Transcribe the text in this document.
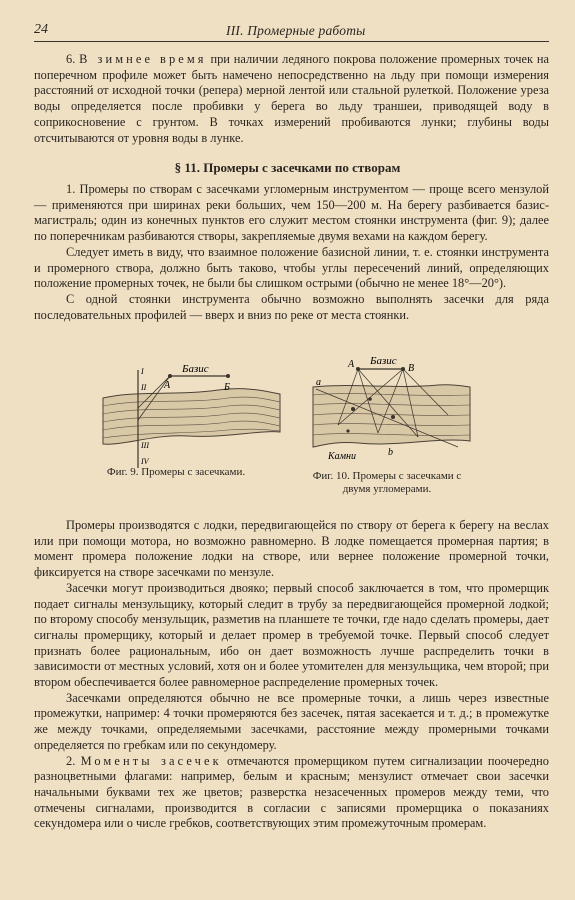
24	III. Промерные работы

6. В зимнее время при наличии ледяного покрова положение промерных точек на поперечном профиле может быть намечено непосредственно на льду при помощи измерения расстояний от исходной точки (репера) мерной лентой или стальной рулеткой. Положение уреза воды определяется после пробивки у берега во льду траншеи, приводящей воду в соприкосновение с грунтом. В точках измерений пробиваются лунки; глубины воды отсчитываются от уровня воды в лунке.

§ 11. Промеры с засечками по створам

1. Промеры по створам с засечками угломерным инструментом — проще всего мензулой — применяются при ширинах реки больших, чем 150—200 м. На берегу разбивается базис-магистраль; один из конечных пунктов его служит местом стоянки инструмента (фиг. 9); далее по поперечникам разбиваются створы, закрепляемые двумя вехами на каждом берегу.

Следует иметь в виду, что взаимное положение базисной линии, т. е. стоянки инструмента и промерного створа, должно быть таково, чтобы углы пересечений линий, определяющих положение промерных точек, не были бы слишком острыми (обычно не менее 18°—20°).

С одной стоянки инструмента обычно возможно выполнять засечки для ряда последовательных профилей — вверх и вниз по реке от места стоянки.

Базис
А	Б
I
II
III
IV
Фиг. 9. Промеры с засечками.
Базис
А	В
а
b
Камни
Фиг. 10. Промеры с засечками с двумя угломерами.

Промеры производятся с лодки, передвигающейся по створу от берега к берегу на веслах или при помощи мотора, но возможно равномерно. В лодке помещается промерная партия; в момент промера положение лодки на створе, или вернее положение промерной точки, фиксируется на створе засечками по мензуле.

Засечки могут производиться двояко; первый способ заключается в том, что промерщик подает сигналы мензульщику, который следит в трубу за передвигающейся промерной лодкой; по второму способу мензульщик, разметив на планшете те точки, где надо сделать промеры, дает сигналы промерщику, который и делает промер в требуемой точке. Первый способ следует признать более рациональным, ибо он дает возможность лучше распределить точки в зависимости от местных условий, хотя он и более утомителен для мензульщика, чем второй; при втором обеспечивается более равномерное распределение промерных точек.

Засечками определяются обычно не все промерные точки, а лишь через известные промежутки, например: 4 точки промеряются без засечек, пятая засекается и т. д.; в промежутке же между точками, определяемыми засечками, расстояние между промерными точками определяется по гребкам или по секундомеру.

2. Моменты засечек отмечаются промерщиком путем сигнализации поочередно разноцветными флагами: например, белым и красным; мензулист отмечает свои засечки начальными буквами тех же цветов; разверстка незасеченных промеров между теми, что отмечены сигналами, производится в согласии с записями промерщика о показаниях секундомера или о числе гребков, соответствующих этим промежуточным промерам.
